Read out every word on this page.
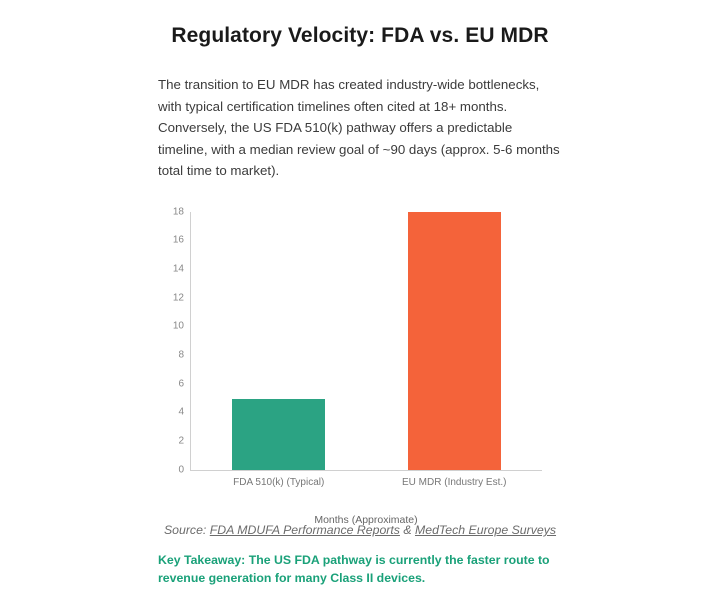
Regulatory Velocity: FDA vs. EU MDR

The transition to EU MDR has created industry-wide bottlenecks, with typical certification timelines often cited at 18+ months. Conversely, the US FDA 510(k) pathway offers a predictable timeline, with a median review goal of ~90 days (approx. 5-6 months total time to market).

0
2
4
6
8
10
12
14
16
18
FDA 510(k) (Typical)	EU MDR (Industry Est.)
Months (Approximate)
Source: FDA MDUFA Performance Reports & MedTech Europe Surveys
Key Takeaway: The US FDA pathway is currently the faster route to revenue generation for many Class II devices.
